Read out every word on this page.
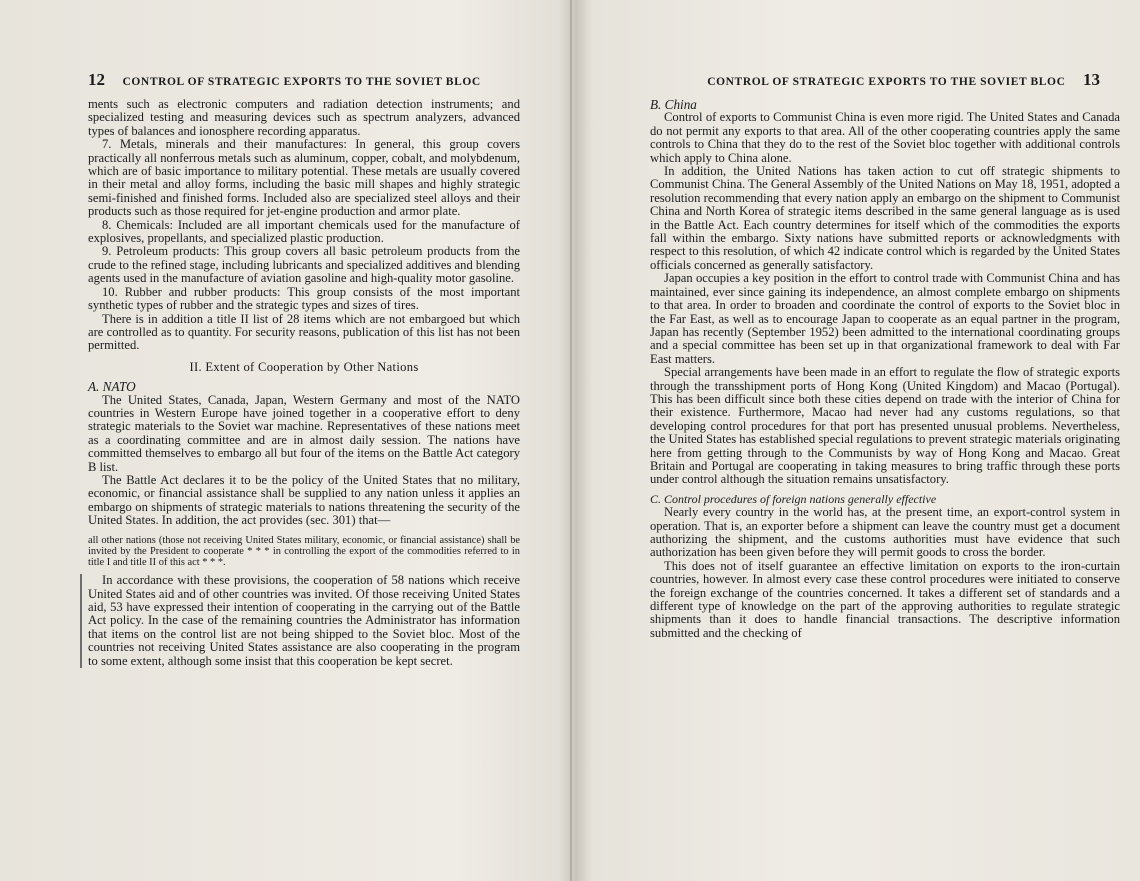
12 CONTROL OF STRATEGIC EXPORTS TO THE SOVIET BLOC

ments such as electronic computers and radiation detection instruments; and specialized testing and measuring devices such as spectrum analyzers, advanced types of balances and ionosphere recording apparatus.

7. Metals, minerals and their manufactures: In general, this group covers practically all nonferrous metals such as aluminum, copper, cobalt, and molybdenum, which are of basic importance to military potential. These metals are usually covered in their metal and alloy forms, including the basic mill shapes and highly strategic semi-finished and finished forms. Included also are specialized steel alloys and their products such as those required for jet-engine production and armor plate.

8. Chemicals: Included are all important chemicals used for the manufacture of explosives, propellants, and specialized plastic production.

9. Petroleum products: This group covers all basic petroleum products from the crude to the refined stage, including lubricants and specialized additives and blending agents used in the manufacture of aviation gasoline and high-quality motor gasoline.

10. Rubber and rubber products: This group consists of the most important synthetic types of rubber and the strategic types and sizes of tires.

There is in addition a title II list of 28 items which are not embargoed but which are controlled as to quantity. For security reasons, publication of this list has not been permitted.

II. Extent of Cooperation by Other Nations
A. NATO

The United States, Canada, Japan, Western Germany and most of the NATO countries in Western Europe have joined together in a cooperative effort to deny strategic materials to the Soviet war machine. Representatives of these nations meet as a coordinating committee and are in almost daily session. The nations have committed themselves to embargo all but four of the items on the Battle Act category B list.

The Battle Act declares it to be the policy of the United States that no military, economic, or financial assistance shall be supplied to any nation unless it applies an embargo on shipments of strategic materials to nations threatening the security of the United States. In addition, the act provides (sec. 301) that—

all other nations (those not receiving United States military, economic, or financial assistance) shall be invited by the President to cooperate * * * in controlling the export of the commodities referred to in title I and title II of this act * * *.

In accordance with these provisions, the cooperation of 58 nations which receive United States aid and of other countries was invited. Of those receiving United States aid, 53 have expressed their intention of cooperating in the carrying out of the Battle Act policy. In the case of the remaining countries the Administrator has information that items on the control list are not being shipped to the Soviet bloc. Most of the countries not receiving United States assistance are also cooperating in the program to some extent, although some insist that this cooperation be kept secret.

CONTROL OF STRATEGIC EXPORTS TO THE SOVIET BLOC 13
B. China

Control of exports to Communist China is even more rigid. The United States and Canada do not permit any exports to that area. All of the other cooperating countries apply the same controls to China that they do to the rest of the Soviet bloc together with additional controls which apply to China alone.

In addition, the United Nations has taken action to cut off strategic shipments to Communist China. The General Assembly of the United Nations on May 18, 1951, adopted a resolution recommending that every nation apply an embargo on the shipment to Communist China and North Korea of strategic items described in the same general language as is used in the Battle Act. Each country determines for itself which of the commodities the exports fall within the embargo. Sixty nations have submitted reports or acknowledgments with respect to this resolution, of which 42 indicate control which is regarded by the United States officials concerned as generally satisfactory.

Japan occupies a key position in the effort to control trade with Communist China and has maintained, ever since gaining its independence, an almost complete embargo on shipments to that area. In order to broaden and coordinate the control of exports to the Soviet bloc in the Far East, as well as to encourage Japan to cooperate as an equal partner in the program, Japan has recently (September 1952) been admitted to the international coordinating groups and a special committee has been set up in that organizational framework to deal with Far East matters.

Special arrangements have been made in an effort to regulate the flow of strategic exports through the transshipment ports of Hong Kong (United Kingdom) and Macao (Portugal). This has been difficult since both these cities depend on trade with the interior of China for their existence. Furthermore, Macao had never had any customs regulations, so that developing control procedures for that port has presented unusual problems. Nevertheless, the United States has established special regulations to prevent strategic materials originating here from getting through to the Communists by way of Hong Kong and Macao. Great Britain and Portugal are cooperating in taking measures to bring traffic through these ports under control although the situation remains unsatisfactory.

C. Control procedures of foreign nations generally effective

Nearly every country in the world has, at the present time, an export-control system in operation. That is, an exporter before a shipment can leave the country must get a document authorizing the shipment, and the customs authorities must have evidence that such authorization has been given before they will permit goods to cross the border.

This does not of itself guarantee an effective limitation on exports to the iron-curtain countries, however. In almost every case these control procedures were initiated to conserve the foreign exchange of the countries concerned. It takes a different set of standards and a different type of knowledge on the part of the approving authorities to regulate strategic shipments than it does to handle financial transactions. The descriptive information submitted and the checking of
